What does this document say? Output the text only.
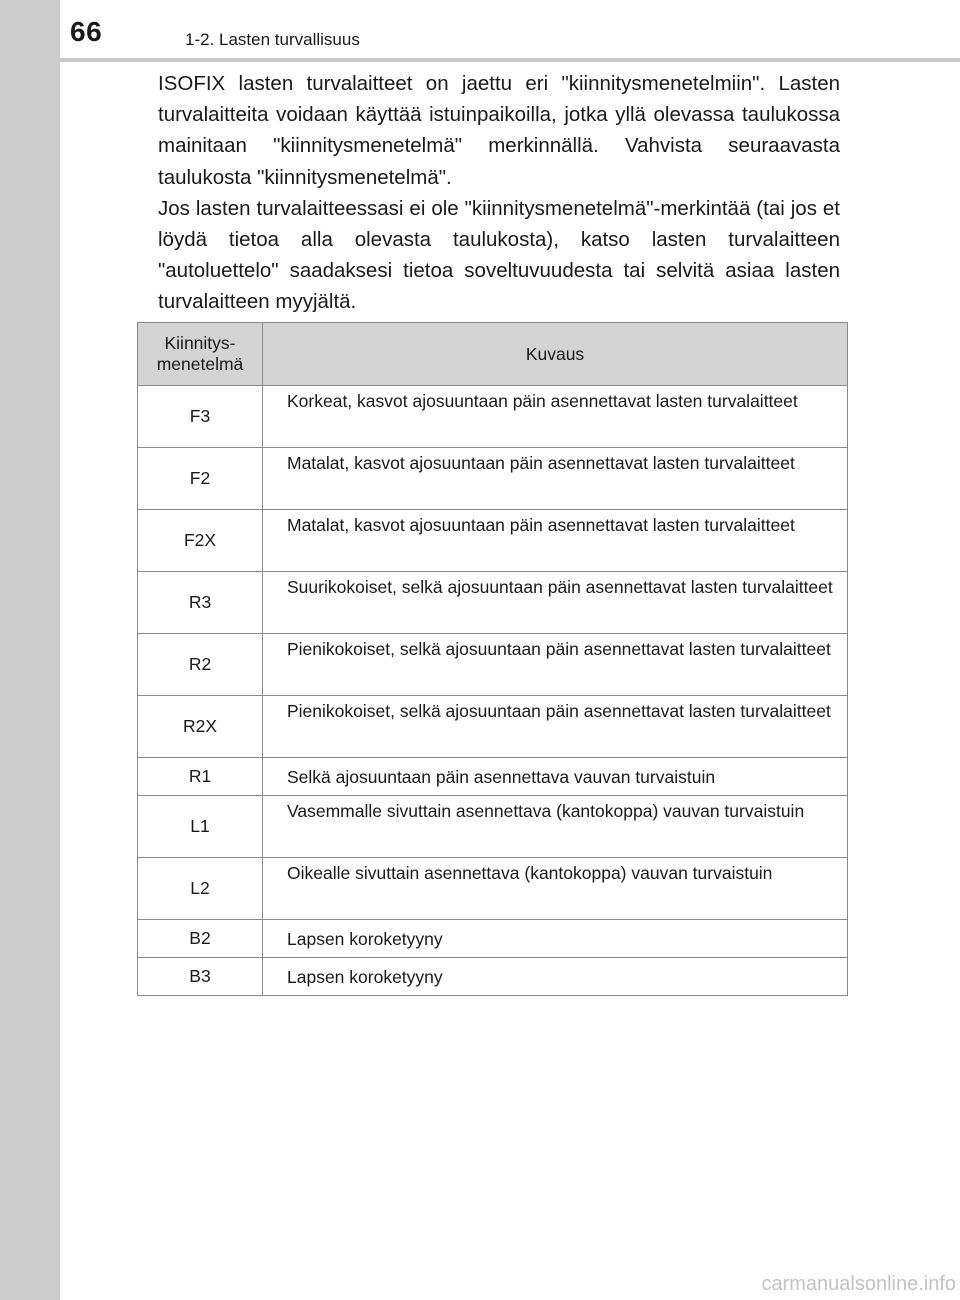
66	1-2. Lasten turvallisuus

ISOFIX lasten turvalaitteet on jaettu eri "kiinnitysmenetelmiin". Lasten turvalaitteita voidaan käyttää istuinpaikoilla, jotka yllä olevassa taulukossa mainitaan "kiinnitysmenetelmä" merkinnällä. Vahvista seuraavasta taulukosta "kiinnitysmenetelmä".

Jos lasten turvalaitteessasi ei ole "kiinnitysmenetelmä"-merkintää (tai jos et löydä tietoa alla olevasta taulukosta), katso lasten turvalaitteen "autoluettelo" saadaksesi tietoa soveltuvuudesta tai selvitä asiaa lasten turvalaitteen myyjältä.

Kiinnitys-
menetelmä	Kuvaus
F3	Korkeat, kasvot ajosuuntaan päin asennettavat lasten turvalaitteet
F2	Matalat, kasvot ajosuuntaan päin asennettavat lasten turvalaitteet
F2X	Matalat, kasvot ajosuuntaan päin asennettavat lasten turvalaitteet
R3	Suurikokoiset, selkä ajosuuntaan päin asennettavat lasten turvalaitteet
R2	Pienikokoiset, selkä ajosuuntaan päin asennettavat lasten turvalaitteet
R2X	Pienikokoiset, selkä ajosuuntaan päin asennettavat lasten turvalaitteet
R1	Selkä ajosuuntaan päin asennettava vauvan turvaistuin
L1	Vasemmalle sivuttain asennettava (kantokoppa) vauvan turvaistuin
L2	Oikealle sivuttain asennettava (kantokoppa) vauvan turvaistuin
B2	Lapsen koroketyyny
B3	Lapsen koroketyyny
carmanualsonline.info
